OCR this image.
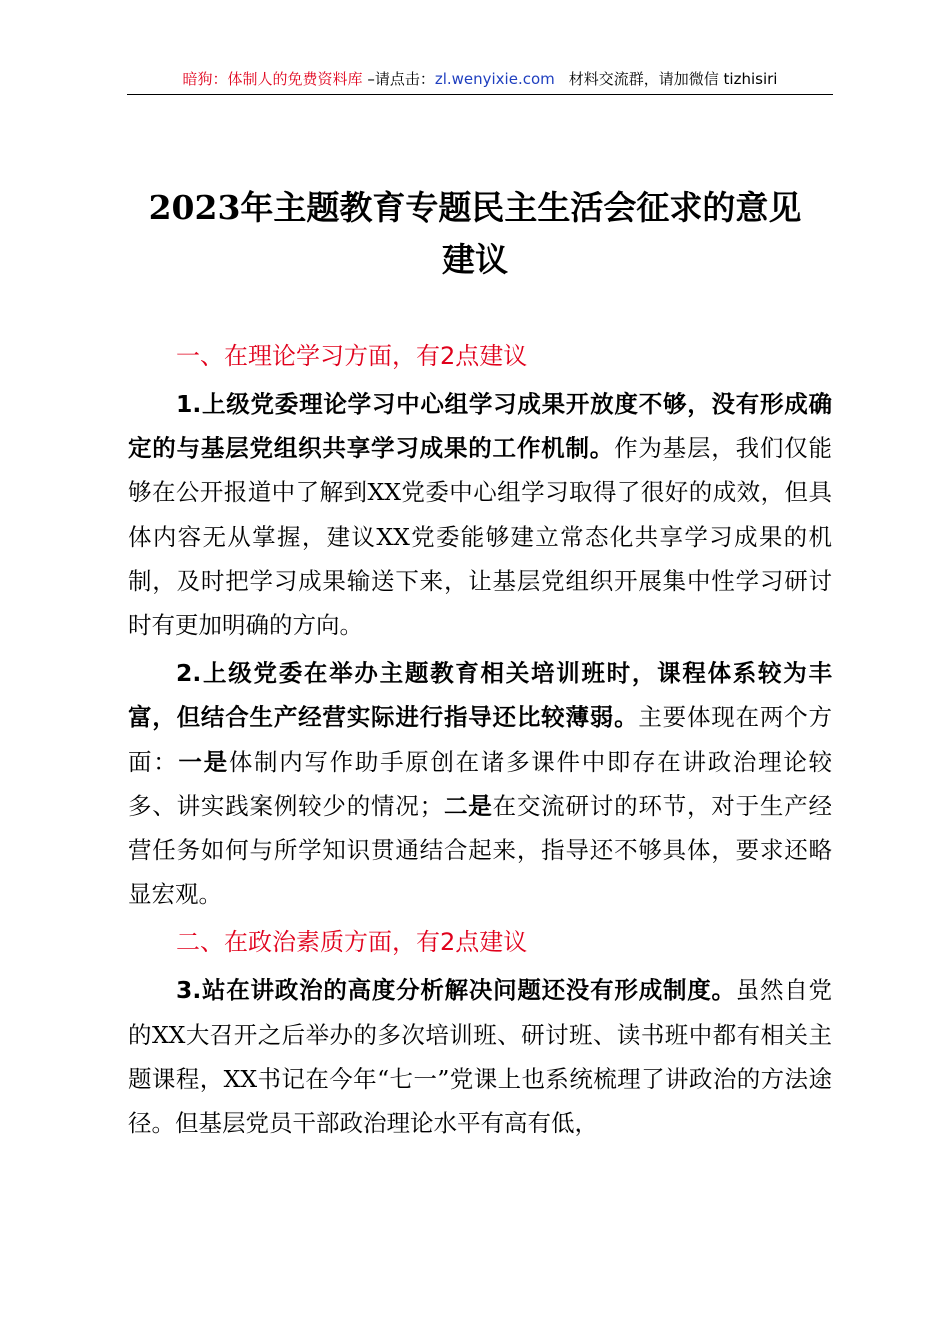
暗狗：体制人的免费资料库 –请点击：zl.wenyixie.com 材料交流群，请加微信 tizhisiri
2023年主题教育专题民主生活会征求的意见
建议
一、在理论学习方面，有2点建议
1.上级党委理论学习中心组学习成果开放度不够，没有形成确定的与基层党组织共享学习成果的工作机制。作为基层，我们仅能够在公开报道中了解到XX党委中心组学习取得了很好的成效，但具体内容无从掌握，建议XX党委能够建立常态化共享学习成果的机制，及时把学习成果输送下来，让基层党组织开展集中性学习研讨时有更加明确的方向。
2.上级党委在举办主题教育相关培训班时，课程体系较为丰富，但结合生产经营实际进行指导还比较薄弱。主要体现在两个方面：一是体制内写作助手原创在诸多课件中即存在讲政治理论较多、讲实践案例较少的情况；二是在交流研讨的环节，对于生产经营任务如何与所学知识贯通结合起来，指导还不够具体，要求还略显宏观。
二、在政治素质方面，有2点建议
3.站在讲政治的高度分析解决问题还没有形成制度。虽然自党的XX大召开之后举办的多次培训班、研讨班、读书班中都有相关主题课程，XX书记在今年“七一”党课上也系统梳理了讲政治的方法途径。但基层党员干部政治理论水平有高有低，
